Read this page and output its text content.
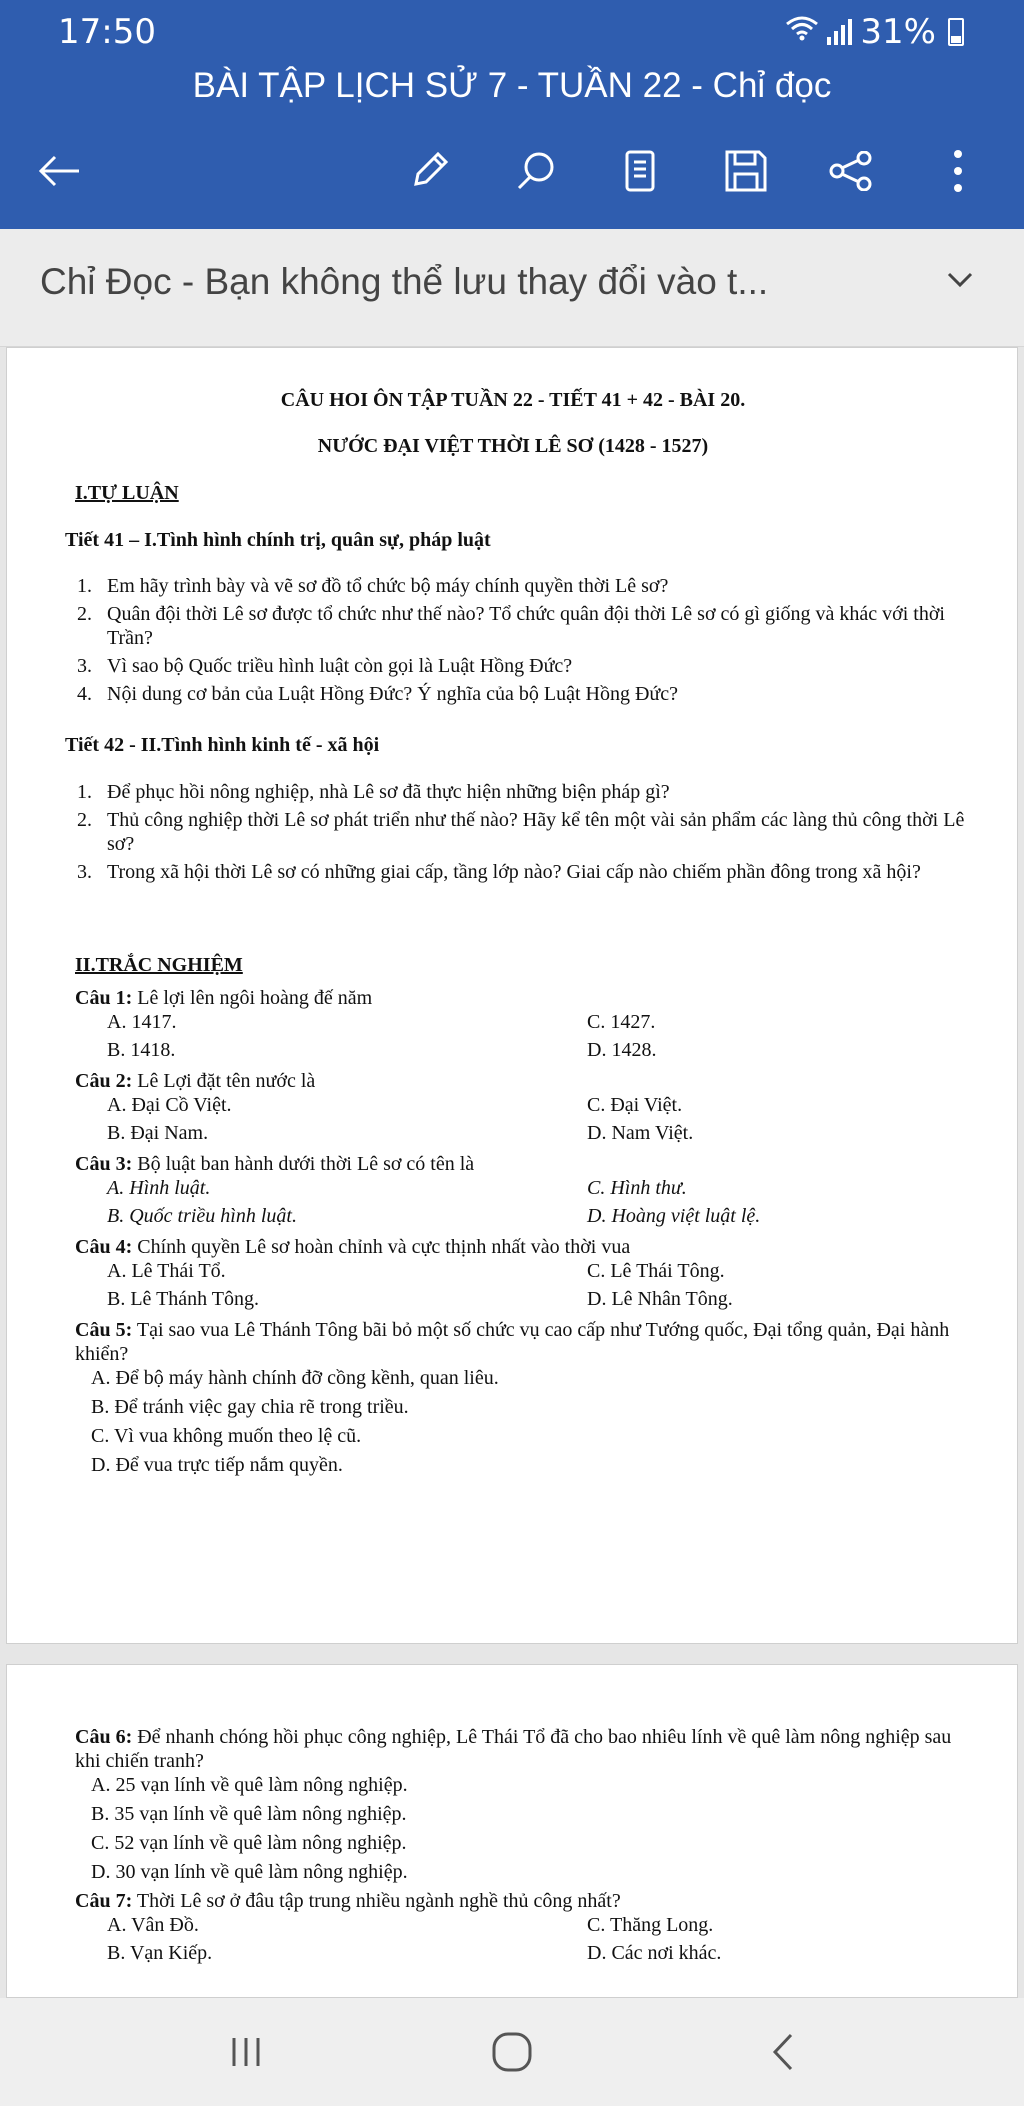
17:50	31%
BÀI TẬP LỊCH SỬ 7 - TUẦN 22 - Chỉ đọc
Chỉ Đọc - Bạn không thể lưu thay đổi vào t...
CÂU HOI ÔN TẬP TUẦN 22 - TIẾT 41 + 42 - BÀI 20.
NƯỚC ĐẠI VIỆT THỜI LÊ SƠ (1428 - 1527)
I.TỰ LUẬN
Tiết 41 – I.Tình hình chính trị, quân sự, pháp luật
1. Em hãy trình bày và vẽ sơ đồ tổ chức bộ máy chính quyền thời Lê sơ?
2. Quân đội thời Lê sơ được tổ chức như thế nào? Tổ chức quân đội thời Lê sơ có gì giống và khác với thời Trần?
3. Vì sao bộ Quốc triều hình luật còn gọi là Luật Hồng Đức?
4. Nội dung cơ bản của Luật Hồng Đức? Ý nghĩa của bộ Luật Hồng Đức?
Tiết 42 - II.Tình hình kinh tế - xã hội
1. Để phục hồi nông nghiệp, nhà Lê sơ đã thực hiện những biện pháp gì?
2. Thủ công nghiệp thời Lê sơ phát triển như thế nào? Hãy kể tên một vài sản phẩm các làng thủ công thời Lê sơ?
3. Trong xã hội thời Lê sơ có những giai cấp, tầng lớp nào? Giai cấp nào chiếm phần đông trong xã hội?
II.TRẮC NGHIỆM
Câu 1: Lê lợi lên ngôi hoàng đế năm
A. 1417.	C. 1427.
B. 1418.	D. 1428.
Câu 2: Lê Lợi đặt tên nước là
A. Đại Cồ Việt.	C. Đại Việt.
B. Đại Nam.	D. Nam Việt.
Câu 3: Bộ luật ban hành dưới thời Lê sơ có tên là
A. Hình luật.	C. Hình thư.
B. Quốc triều hình luật.	D. Hoàng việt luật lệ.
Câu 4: Chính quyền Lê sơ hoàn chỉnh và cực thịnh nhất vào thời vua
A. Lê Thái Tổ.	C. Lê Thái Tông.
B. Lê Thánh Tông.	D. Lê Nhân Tông.
Câu 5: Tại sao vua Lê Thánh Tông bãi bỏ một số chức vụ cao cấp như Tướng quốc, Đại tổng quản, Đại hành khiển?
A. Để bộ máy hành chính đỡ cồng kềnh, quan liêu.
B. Để tránh việc gay chia rẽ trong triều.
C. Vì vua không muốn theo lệ cũ.
D. Để vua trực tiếp nắm quyền.
Câu 6: Để nhanh chóng hồi phục công nghiệp, Lê Thái Tổ đã cho bao nhiêu lính về quê làm nông nghiệp sau khi chiến tranh?
A. 25 vạn lính về quê làm nông nghiệp.
B. 35 vạn lính về quê làm nông nghiệp.
C. 52 vạn lính về quê làm nông nghiệp.
D. 30 vạn lính về quê làm nông nghiệp.
Câu 7: Thời Lê sơ ở đâu tập trung nhiều ngành nghề thủ công nhất?
A. Vân Đồ.	C. Thăng Long.
B. Vạn Kiếp.	D. Các nơi khác.
